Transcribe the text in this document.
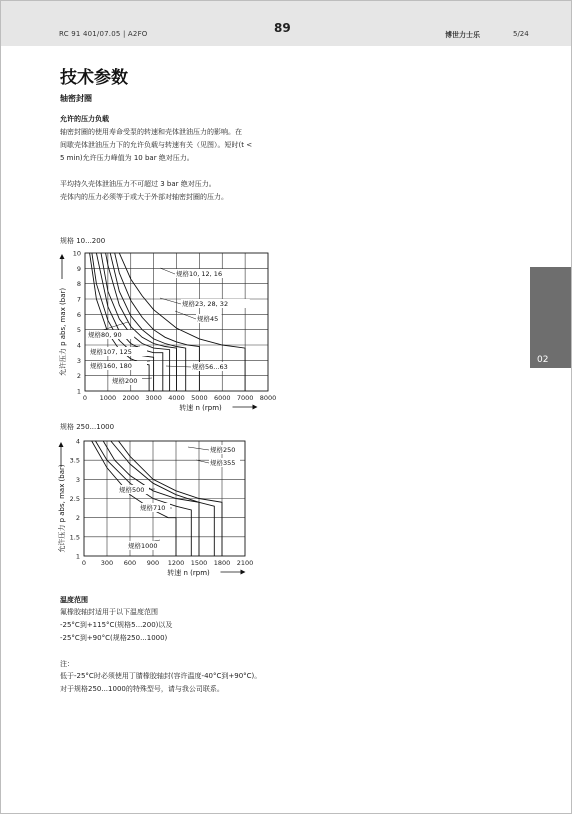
RC 91 401/07.05 | A2FO	89	博世力士乐	5/24
02
技术参数
轴密封圈
允许的压力负载

轴密封圈的使用寿命受泵的转速和壳体泄油压力的影响。在

间歇壳体泄油压力下的允许负载与转速有关（见图）。短时(t <

5 min)允许压力峰值为 10 bar 绝对压力。

平均持久壳体泄油压力不可超过 3 bar 绝对压力。

壳体内的压力必须等于或大于外部对轴密封圈的压力。

规格 10...200
0 1000 2000 3000 4000 5000 6000 7000 8000
1
2
3
4
5
6
7
8
9
10
规格10, 12, 16
规格23, 28, 32
规格45
规格80, 90
规格107, 125
规格160, 180	规格56...63
规格200
转速 n (rpm)
允许压力 p abs, max (bar)
规格 250...1000
0 300 600 900 1200 1500 1800 2100
1
1.5
2
2.5
3
3.5
4
规格250
规格355
规格500
规格710
规格1000
转速 n (rpm)
允许压力 p abs, max (bar)
温度范围

氟橡胶轴封适用于以下温度范围

-25°C到+115°C(规格5...200)以及

-25°C到+90°C(规格250...1000)

注：

低于-25°C时必须使用丁腈橡胶轴封(容许温度-40°C到+90°C)。

对于规格250...1000的特殊型号，请与我公司联系。
